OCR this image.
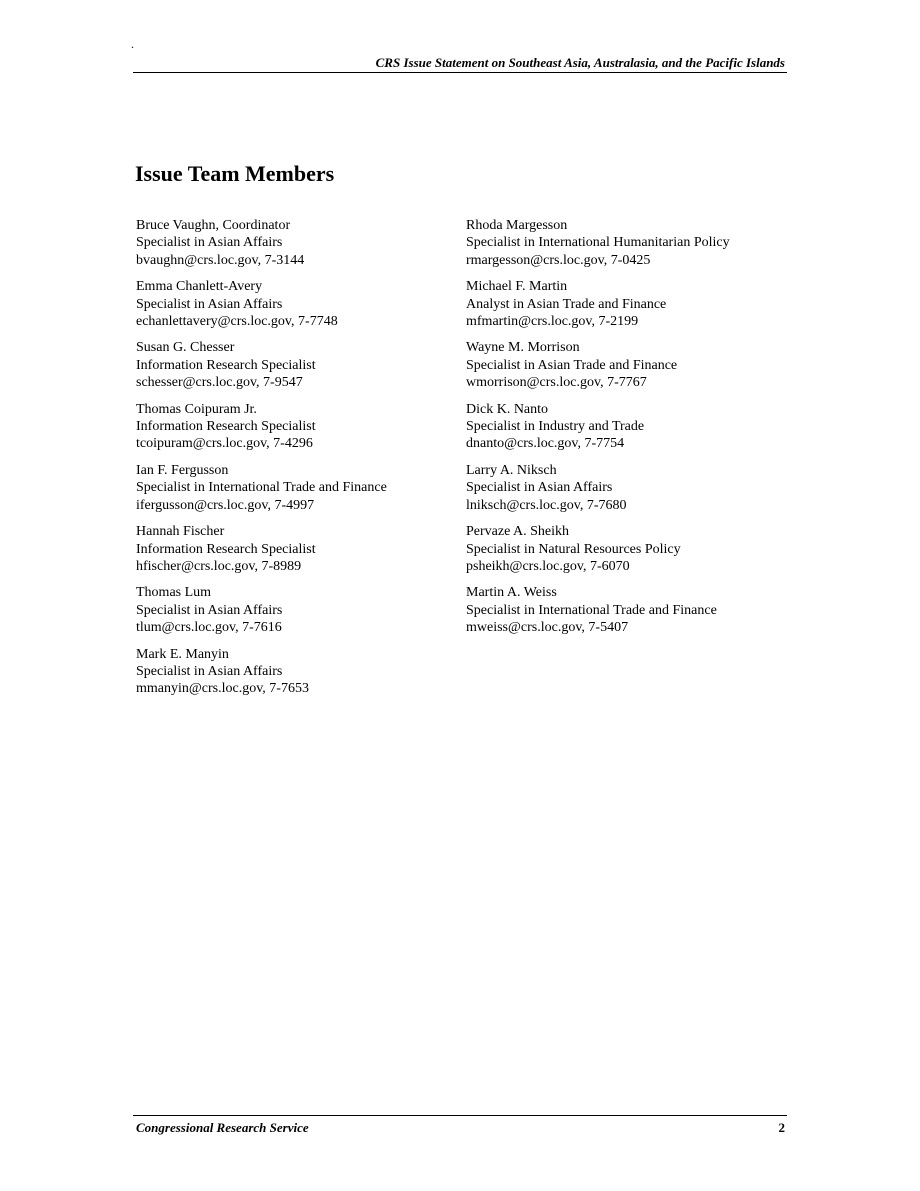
.
CRS Issue Statement on Southeast Asia, Australasia, and the Pacific Islands
Issue Team Members
Bruce Vaughn, Coordinator
Specialist in Asian Affairs
bvaughn@crs.loc.gov, 7-3144
Emma Chanlett-Avery
Specialist in Asian Affairs
echanlettavery@crs.loc.gov, 7-7748
Susan G. Chesser
Information Research Specialist
schesser@crs.loc.gov, 7-9547
Thomas Coipuram Jr.
Information Research Specialist
tcoipuram@crs.loc.gov, 7-4296
Ian F. Fergusson
Specialist in International Trade and Finance
ifergusson@crs.loc.gov, 7-4997
Hannah Fischer
Information Research Specialist
hfischer@crs.loc.gov, 7-8989
Thomas Lum
Specialist in Asian Affairs
tlum@crs.loc.gov, 7-7616
Mark E. Manyin
Specialist in Asian Affairs
mmanyin@crs.loc.gov, 7-7653
Rhoda Margesson
Specialist in International Humanitarian Policy
rmargesson@crs.loc.gov, 7-0425
Michael F. Martin
Analyst in Asian Trade and Finance
mfmartin@crs.loc.gov, 7-2199
Wayne M. Morrison
Specialist in Asian Trade and Finance
wmorrison@crs.loc.gov, 7-7767
Dick K. Nanto
Specialist in Industry and Trade
dnanto@crs.loc.gov, 7-7754
Larry A. Niksch
Specialist in Asian Affairs
lniksch@crs.loc.gov, 7-7680
Pervaze A. Sheikh
Specialist in Natural Resources Policy
psheikh@crs.loc.gov, 7-6070
Martin A. Weiss
Specialist in International Trade and Finance
mweiss@crs.loc.gov, 7-5407
Congressional Research Service	2
